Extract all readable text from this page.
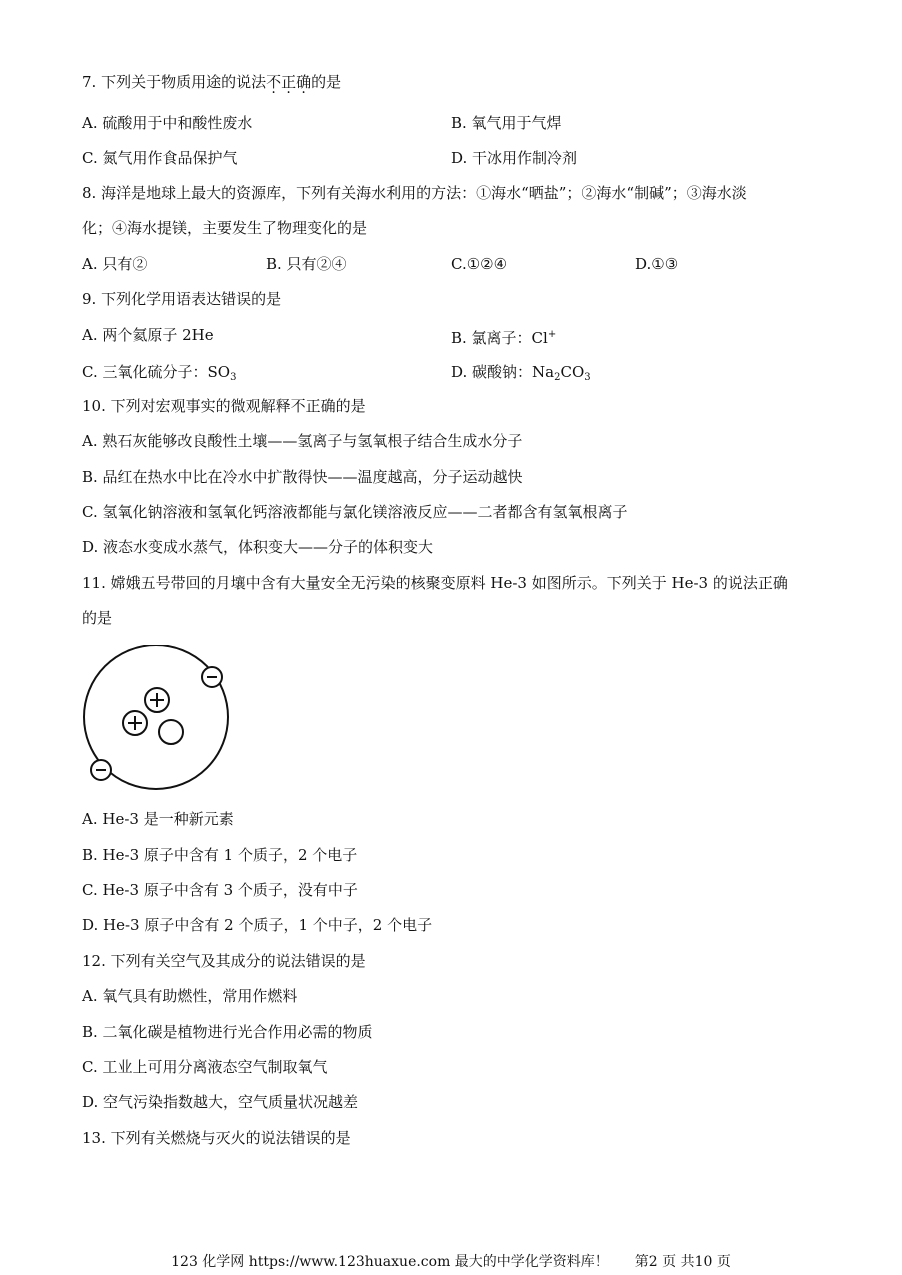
7. 下列关于物质用途的说法不正确的是
A. 硫酸用于中和酸性废水	B. 氧气用于气焊
C. 氮气用作食品保护气	D. 干冰用作制冷剂
8. 海洋是地球上最大的资源库，下列有关海水利用的方法：①海水“晒盐”；②海水“制碱”；③海水淡
化；④海水提镁，主要发生了物理变化的是
A. 只有②	B. 只有②④	C.①②④	D.①③
9. 下列化学用语表达错误的是
A. 两个氦原子 2He	B. 氯离子：Cl+
C. 三氧化硫分子：$SO_3$	D. 碳酸钠：$Na_2CO_3$
10. 下列对宏观事实的微观解释不正确的是
A. 熟石灰能够改良酸性土壤——氢离子与氢氧根子结合生成水分子
B. 品红在热水中比在冷水中扩散得快——温度越高，分子运动越快
C. 氢氧化钠溶液和氢氧化钙溶液都能与氯化镁溶液反应——二者都含有氢氧根离子
D. 液态水变成水蒸气，体积变大——分子的体积变大
11. 嫦娥五号带回的月壤中含有大量安全无污染的核聚变原料 He-3 如图所示。下列关于 He-3 的说法正确
的是
A. He-3 是一种新元素
B. He-3 原子中含有 1 个质子，2 个电子
C. He-3 原子中含有 3 个质子，没有中子
D. He-3 原子中含有 2 个质子，1 个中子，2 个电子
12. 下列有关空气及其成分的说法错误的是
A. 氧气具有助燃性，常用作燃料
B. 二氧化碳是植物进行光合作用必需的物质
C. 工业上可用分离液态空气制取氧气
D. 空气污染指数越大，空气质量状况越差
13. 下列有关燃烧与灭火的说法错误的是
123 化学网 https://www.123huaxue.com 最大的中学化学资料库！ 第2 页 共10 页
